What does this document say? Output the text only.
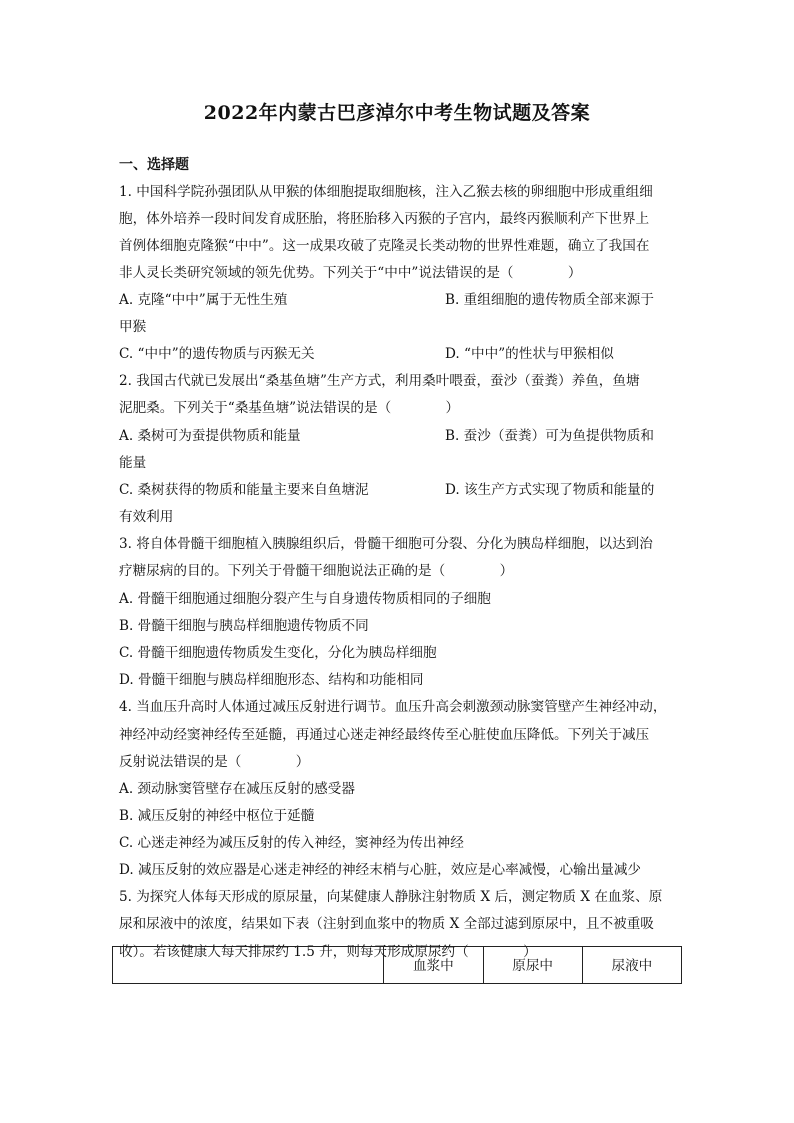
2022年内蒙古巴彦淖尔中考生物试题及答案
一、选择题
1. 中国科学院孙强团队从甲猴的体细胞提取细胞核，注入乙猴去核的卵细胞中形成重组细
胞，体外培养一段时间发育成胚胎，将胚胎移入丙猴的子宫内，最终丙猴顺利产下世界上
首例体细胞克隆猴“中中”。这一成果攻破了克隆灵长类动物的世界性难题，确立了我国在
非人灵长类研究领域的领先优势。下列关于“中中”说法错误的是（　　　　）
A. 克隆“中中”属于无性生殖	B. 重组细胞的遗传物质全部来源于
甲猴
C. “中中”的遗传物质与丙猴无关	D. “中中”的性状与甲猴相似
2. 我国古代就已发展出“桑基鱼塘”生产方式，利用桑叶喂蚕，蚕沙（蚕粪）养鱼，鱼塘
泥肥桑。下列关于“桑基鱼塘”说法错误的是（　　　　）
A. 桑树可为蚕提供物质和能量	B. 蚕沙（蚕粪）可为鱼提供物质和
能量
C. 桑树获得的物质和能量主要来自鱼塘泥	D. 该生产方式实现了物质和能量的
有效利用
3. 将自体骨髓干细胞植入胰腺组织后，骨髓干细胞可分裂、分化为胰岛样细胞，以达到治
疗糖尿病的目的。下列关于骨髓干细胞说法正确的是（　　　　）
A. 骨髓干细胞通过细胞分裂产生与自身遗传物质相同的子细胞
B. 骨髓干细胞与胰岛样细胞遗传物质不同
C. 骨髓干细胞遗传物质发生变化，分化为胰岛样细胞
D. 骨髓干细胞与胰岛样细胞形态、结构和功能相同
4. 当血压升高时人体通过减压反射进行调节。血压升高会刺激颈动脉窦管壁产生神经冲动，
神经冲动经窦神经传至延髓，再通过心迷走神经最终传至心脏使血压降低。下列关于减压
反射说法错误的是（　　　　）
A. 颈动脉窦管壁存在减压反射的感受器
B. 减压反射的神经中枢位于延髓
C. 心迷走神经为减压反射的传入神经，窦神经为传出神经
D. 减压反射的效应器是心迷走神经的神经末梢与心脏，效应是心率减慢，心输出量减少
5. 为探究人体每天形成的原尿量，向某健康人静脉注射物质 X 后，测定物质 X 在血浆、原
尿和尿液中的浓度，结果如下表（注射到血浆中的物质 X 全部过滤到原尿中，且不被重吸
收）。若该健康人每天排尿约 1.5 升，则每天形成原尿约（　　　　）
	血浆中	原尿中	尿液中
